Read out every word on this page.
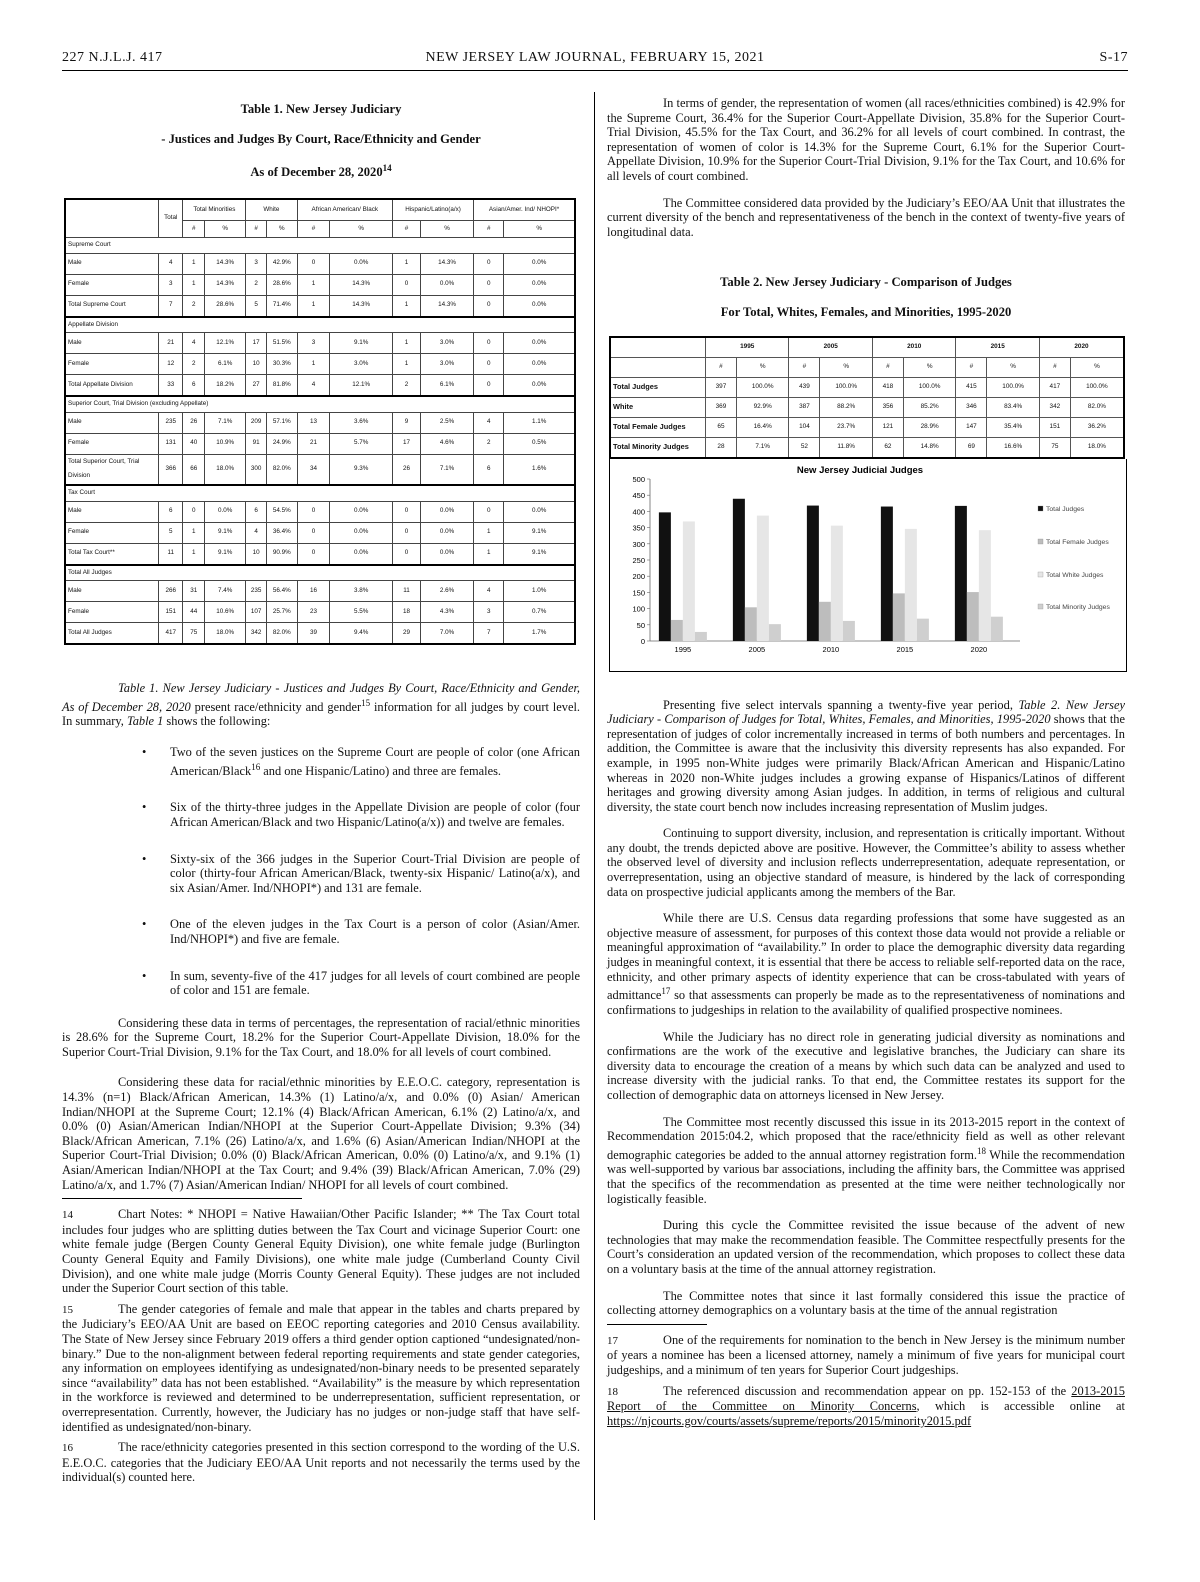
227 N.J.L.J. 417	NEW JERSEY LAW JOURNAL, FEBRUARY 15, 2021	S-17
Table 1. New Jersey Judiciary
- Justices and Judges By Court, Race/Ethnicity and Gender
As of December 28, 2020$^{14}$
	Total	Total Minorities		White		African American/ Black		Hispanic/Latino(a/x)		Asian/Amer. Ind/ NHOPI*	
		#	%	#	%	#	%	#	%	#	%
Supreme Court											
Male	4	1	14.3%	3	42.9%	0	0.0%	1	14.3%	0	0.0%
Female	3	1	14.3%	2	28.6%	1	14.3%	0	0.0%	0	0.0%
Total Supreme Court	7	2	28.6%	5	71.4%	1	14.3%	1	14.3%	0	0.0%
Appellate Division											
Male	21	4	12.1%	17	51.5%	3	9.1%	1	3.0%	0	0.0%
Female	12	2	6.1%	10	30.3%	1	3.0%	1	3.0%	0	0.0%
Total Appellate Division	33	6	18.2%	27	81.8%	4	12.1%	2	6.1%	0	0.0%
Superior Court, Trial Division (excluding Appellate)											
Male	235	26	7.1%	209	57.1%	13	3.6%	9	2.5%	4	1.1%
Female	131	40	10.9%	91	24.9%	21	5.7%	17	4.6%	2	0.5%
Total Superior Court, Trial Division	366	66	18.0%	300	82.0%	34	9.3%	26	7.1%	6	1.6%
Tax Court											
Male	6	0	0.0%	6	54.5%	0	0.0%	0	0.0%	0	0.0%
Female	5	1	9.1%	4	36.4%	0	0.0%	0	0.0%	1	9.1%
Total Tax Court**	11	1	9.1%	10	90.9%	0	0.0%	0	0.0%	1	9.1%
Total All Judges											
Male	266	31	7.4%	235	56.4%	16	3.8%	11	2.6%	4	1.0%
Female	151	44	10.6%	107	25.7%	23	5.5%	18	4.3%	3	0.7%
Total All Judges	417	75	18.0%	342	82.0%	39	9.4%	29	7.0%	7	1.7%

Table 1. New Jersey Judiciary - Justices and Judges By Court, Race/Ethnicity and Gender, As of December 28, 2020 present race/ethnicity and gender$^{15}$ information for all judges by court level. In summary, Table 1 shows the following:

• Two of the seven justices on the Supreme Court are people of color (one African American/Black$^{16}$ and one Hispanic/Latino) and three are females.
• Six of the thirty-three judges in the Appellate Division are people of color (four African American/Black and two Hispanic/Latino(a/x)) and twelve are females.
• Sixty-six of the 366 judges in the Superior Court-Trial Division are people of color (thirty-four African American/Black, twenty-six Hispanic/ Latino(a/x), and six Asian/Amer. Ind/NHOPI*) and 131 are female.
• One of the eleven judges in the Tax Court is a person of color (Asian/Amer. Ind/NHOPI*) and five are female.
• In sum, seventy-five of the 417 judges for all levels of court combined are people of color and 151 are female.

Considering these data in terms of percentages, the representation of racial/ethnic minorities is 28.6% for the Supreme Court, 18.2% for the Superior Court-Appellate Division, 18.0% for the Superior Court-Trial Division, 9.1% for the Tax Court, and 18.0% for all levels of court combined.

Considering these data for racial/ethnic minorities by E.E.O.C. category, representation is 14.3% (n=1) Black/African American, 14.3% (1) Latino/a/x, and 0.0% (0) Asian/ American Indian/NHOPI at the Supreme Court; 12.1% (4) Black/African American, 6.1% (2) Latino/a/x, and 0.0% (0) Asian/American Indian/NHOPI at the Superior Court-Appellate Division; 9.3% (34) Black/African American, 7.1% (26) Latino/a/x, and 1.6% (6) Asian/American Indian/NHOPI at the Superior Court-Trial Division; 0.0% (0) Black/African American, 0.0% (0) Latino/a/x, and 9.1% (1) Asian/American Indian/NHOPI at the Tax Court; and 9.4% (39) Black/African American, 7.0% (29) Latino/a/x, and 1.7% (7) Asian/American Indian/ NHOPI for all levels of court combined.

14	Chart Notes: * NHOPI = Native Hawaiian/Other Pacific Islander; ** The Tax Court total includes four judges who are splitting duties between the Tax Court and vicinage Superior Court: one white female judge (Bergen County General Equity Division), one white female judge (Burlington County General Equity and Family Divisions), one white male judge (Cumberland County Civil Division), and one white male judge (Morris County General Equity). These judges are not included under the Superior Court section of this table.

15	The gender categories of female and male that appear in the tables and charts prepared by the Judiciary’s EEO/AA Unit are based on EEOC reporting categories and 2010 Census availability. The State of New Jersey since February 2019 offers a third gender option captioned “undesignated/non-binary.” Due to the non-alignment between federal reporting requirements and state gender categories, any information on employees identifying as undesignated/non-binary needs to be presented separately since “availability” data has not been established. “Availability” is the measure by which representation in the workforce is reviewed and determined to be underrepresentation, sufficient representation, or overrepresentation. Currently, however, the Judiciary has no judges or non-judge staff that have self-identified as undesignated/non-binary.

16	The race/ethnicity categories presented in this section correspond to the wording of the U.S. E.E.O.C. categories that the Judiciary EEO/AA Unit reports and not necessarily the terms used by the individual(s) counted here.

In terms of gender, the representation of women (all races/ethnicities combined) is 42.9% for the Supreme Court, 36.4% for the Superior Court-Appellate Division, 35.8% for the Superior Court-Trial Division, 45.5% for the Tax Court, and 36.2% for all levels of court combined. In contrast, the representation of women of color is 14.3% for the Supreme Court, 6.1% for the Superior Court-Appellate Division, 10.9% for the Superior Court-Trial Division, 9.1% for the Tax Court, and 10.6% for all levels of court combined.

The Committee considered data provided by the Judiciary’s EEO/AA Unit that illustrates the current diversity of the bench and representativeness of the bench in the context of twenty-five years of longitudinal data.

Table 2. New Jersey Judiciary - Comparison of Judges
For Total, Whites, Females, and Minorities, 1995-2020
	1995		2005		2010		2015		2020	
	#	%	#	%	#	%	#	%	#	%
Total Judges	397	100.0%	439	100.0%	418	100.0%	415	100.0%	417	100.0%
White	369	92.9%	387	88.2%	356	85.2%	346	83.4%	342	82.0%
Total Female Judges	65	16.4%	104	23.7%	121	28.9%	147	35.4%	151	36.2%
Total Minority Judges	28	7.1%	52	11.8%	62	14.8%	69	16.6%	75	18.0%
New Jersey Judicial Judges
0
50
100
150
200
250
300
350
400
450
500
1995	2005	2010	2015	2020
Total Judges
Total Female Judges
Total White Judges
Total Minority Judges

Presenting five select intervals spanning a twenty-five year period, Table 2. New Jersey Judiciary - Comparison of Judges for Total, Whites, Females, and Minorities, 1995-2020 shows that the representation of judges of color incrementally increased in terms of both numbers and percentages. In addition, the Committee is aware that the inclusivity this diversity represents has also expanded. For example, in 1995 non-White judges were primarily Black/African American and Hispanic/Latino whereas in 2020 non-White judges includes a growing expanse of Hispanics/Latinos of different heritages and growing diversity among Asian judges. In addition, in terms of religious and cultural diversity, the state court bench now includes increasing representation of Muslim judges.

Continuing to support diversity, inclusion, and representation is critically important. Without any doubt, the trends depicted above are positive. However, the Committee’s ability to assess whether the observed level of diversity and inclusion reflects underrepresentation, adequate representation, or overrepresentation, using an objective standard of measure, is hindered by the lack of corresponding data on prospective judicial applicants among the members of the Bar.

While there are U.S. Census data regarding professions that some have suggested as an objective measure of assessment, for purposes of this context those data would not provide a reliable or meaningful approximation of “availability.” In order to place the demographic diversity data regarding judges in meaningful context, it is essential that there be access to reliable self-reported data on the race, ethnicity, and other primary aspects of identity experience that can be cross-tabulated with years of admittance$^{17}$ so that assessments can properly be made as to the representativeness of nominations and confirmations to judgeships in relation to the availability of qualified prospective nominees.

While the Judiciary has no direct role in generating judicial diversity as nominations and confirmations are the work of the executive and legislative branches, the Judiciary can share its diversity data to encourage the creation of a means by which such data can be analyzed and used to increase diversity with the judicial ranks. To that end, the Committee restates its support for the collection of demographic data on attorneys licensed in New Jersey.

The Committee most recently discussed this issue in its 2013-2015 report in the context of Recommendation 2015:04.2, which proposed that the race/ethnicity field as well as other relevant demographic categories be added to the annual attorney registration form.$^{18}$ While the recommendation was well-supported by various bar associations, including the affinity bars, the Committee was apprised that the specifics of the recommendation as presented at the time were neither technologically nor logistically feasible.

During this cycle the Committee revisited the issue because of the advent of new technologies that may make the recommendation feasible. The Committee respectfully presents for the Court’s consideration an updated version of the recommendation, which proposes to collect these data on a voluntary basis at the time of the annual attorney registration.

The Committee notes that since it last formally considered this issue the practice of collecting attorney demographics on a voluntary basis at the time of the annual registration

17	One of the requirements for nomination to the bench in New Jersey is the minimum number of years a nominee has been a licensed attorney, namely a minimum of five years for municipal court judgeships, and a minimum of ten years for Superior Court judgeships.

18	The referenced discussion and recommendation appear on pp. 152-153 of the 2013-2015 Report of the Committee on Minority Concerns, which is accessible online at https://njcourts.gov/courts/assets/supreme/reports/2015/minority2015.pdf
